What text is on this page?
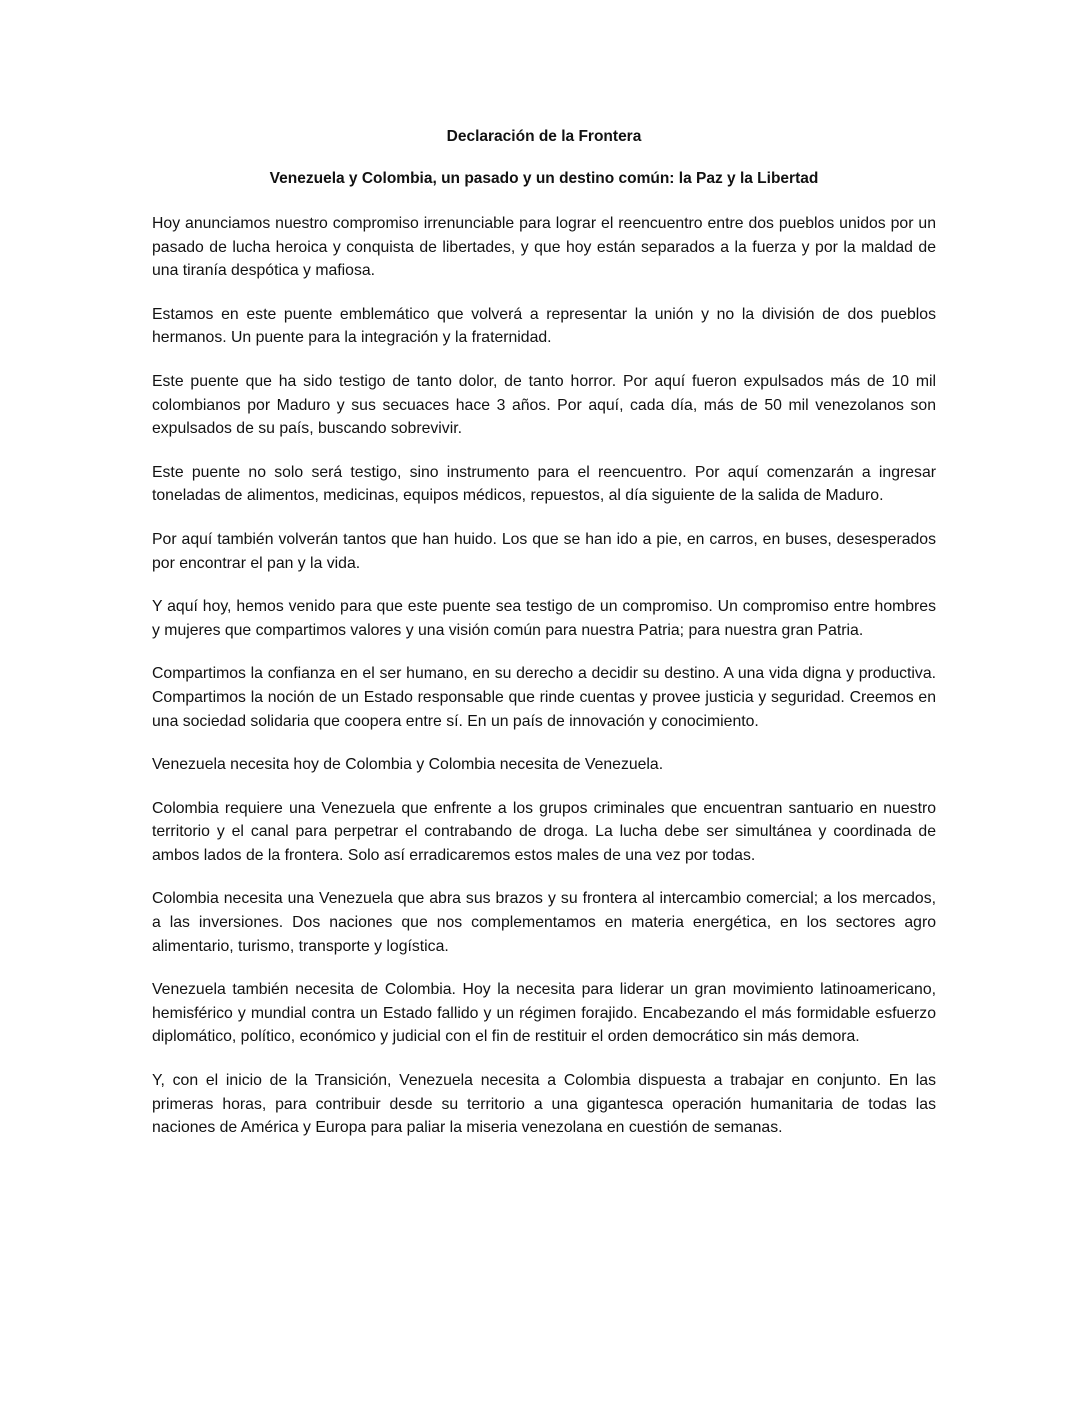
Declaración de la Frontera
Venezuela y Colombia, un pasado y un destino común: la Paz y la Libertad

Hoy anunciamos nuestro compromiso irrenunciable para lograr el reencuentro entre dos pueblos unidos por un pasado de lucha heroica y conquista de libertades, y que hoy están separados a la fuerza y por la maldad de una tiranía despótica y mafiosa.

Estamos en este puente emblemático que volverá a representar la unión y no la división de dos pueblos hermanos. Un puente para la integración y la fraternidad.

Este puente que ha sido testigo de tanto dolor, de tanto horror. Por aquí fueron expulsados más de 10 mil colombianos por Maduro y sus secuaces hace 3 años. Por aquí, cada día, más de 50 mil venezolanos son expulsados de su país, buscando sobrevivir.

Este puente no solo será testigo, sino instrumento para el reencuentro. Por aquí comenzarán a ingresar toneladas de alimentos, medicinas, equipos médicos, repuestos, al día siguiente de la salida de Maduro.

Por aquí también volverán tantos que han huido. Los que se han ido a pie, en carros, en buses, desesperados por encontrar el pan y la vida.

Y aquí hoy, hemos venido para que este puente sea testigo de un compromiso. Un compromiso entre hombres y mujeres que compartimos valores y una visión común para nuestra Patria; para nuestra gran Patria.

Compartimos la confianza en el ser humano, en su derecho a decidir su destino. A una vida digna y productiva. Compartimos la noción de un Estado responsable que rinde cuentas y provee justicia y seguridad. Creemos en una sociedad solidaria que coopera entre sí. En un país de innovación y conocimiento.

Venezuela necesita hoy de Colombia y Colombia necesita de Venezuela.

Colombia requiere una Venezuela que enfrente a los grupos criminales que encuentran santuario en nuestro territorio y el canal para perpetrar el contrabando de droga. La lucha debe ser simultánea y coordinada de ambos lados de la frontera. Solo así erradicaremos estos males de una vez por todas.

Colombia necesita una Venezuela que abra sus brazos y su frontera al intercambio comercial; a los mercados, a las inversiones. Dos naciones que nos complementamos en materia energética, en los sectores agro alimentario, turismo, transporte y logística.

Venezuela también necesita de Colombia. Hoy la necesita para liderar un gran movimiento latinoamericano, hemisférico y mundial contra un Estado fallido y un régimen forajido. Encabezando el más formidable esfuerzo diplomático, político, económico y judicial con el fin de restituir el orden democrático sin más demora.

Y, con el inicio de la Transición, Venezuela necesita a Colombia dispuesta a trabajar en conjunto. En las primeras horas, para contribuir desde su territorio a una gigantesca operación humanitaria de todas las naciones de América y Europa para paliar la miseria venezolana en cuestión de semanas.
